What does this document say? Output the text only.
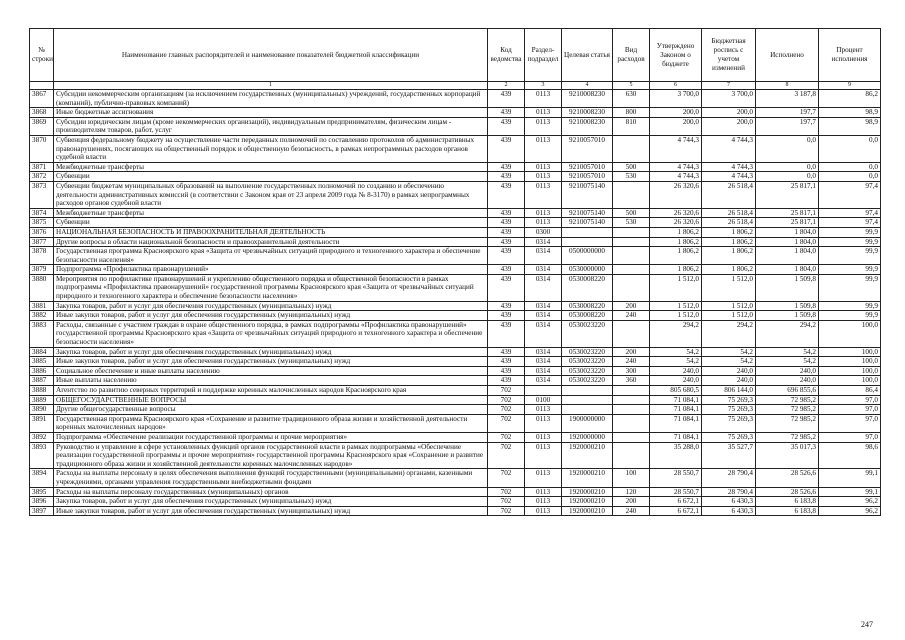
№ строки	Наименование главных распорядителей и наименование показателей бюджетной классификации	Код ведомства	Раздел-подраздел	Целевая статья	Вид расходов	Утверждено Законом о бюджете	Бюджетная роспись с учетом изменений	Исполнено	Процент исполнения
	1	2	3	4	5	6	7	8	9
3867	Субсидии некоммерческим организациям (за исключением государственных (муниципальных) учреждений, государственных корпораций (компаний), публично-правовых компаний)	439	0113	9210008230	630	3 700,0	3 700,0	3 187,8	86,2
3868	Иные бюджетные ассигнования	439	0113	9210008230	800	200,0	200,0	197,7	98,9
3869	Субсидии юридическим лицам (кроме некоммерческих организаций), индивидуальным предпринимателям, физическим лицам - производителям товаров, работ, услуг	439	0113	9210008230	810	200,0	200,0	197,7	98,9
3870	Субвенция федеральному бюджету на осуществление части переданных полномочий по составлению протоколов об административных правонарушениях, посягающих на общественный порядок и общественную безопасность, в рамках непрограммных расходов органов судебной власти	439	0113	9210057010		4 744,3	4 744,3	0,0	0,0
3871	Межбюджетные трансферты	439	0113	9210057010	500	4 744,3	4 744,3	0,0	0,0
3872	Субвенции	439	0113	9210057010	530	4 744,3	4 744,3	0,0	0,0
3873	Субвенции бюджетам муниципальных образований на выполнение государственных полномочий по созданию и обеспечению деятельности административных комиссий (в соответствии с Законом края от 23 апреля 2009 года № 8-3170) в рамках непрограммных расходов органов судебной власти	439	0113	9210075140		26 320,6	26 518,4	25 817,1	97,4
3874	Межбюджетные трансферты	439	0113	9210075140	500	26 320,6	26 518,4	25 817,1	97,4
3875	Субвенции	439	0113	9210075140	530	26 320,6	26 518,4	25 817,1	97,4
3876	НАЦИОНАЛЬНАЯ БЕЗОПАСНОСТЬ И ПРАВООХРАНИТЕЛЬНАЯ ДЕЯТЕЛЬНОСТЬ	439	0300			1 806,2	1 806,2	1 804,0	99,9
3877	Другие вопросы в области национальной безопасности и правоохранительной деятельности	439	0314			1 806,2	1 806,2	1 804,0	99,9
3878	Государственная программа Красноярского края «Защита от чрезвычайных ситуаций природного и техногенного характера и обеспечение безопасности населения»	439	0314	0500000000		1 806,2	1 806,2	1 804,0	99,9
3879	Подпрограмма «Профилактика правонарушений»	439	0314	0530000000		1 806,2	1 806,2	1 804,0	99,9
3880	Мероприятия по профилактике правонарушений и укреплению общественного порядка и общественной безопасности в рамках подпрограммы «Профилактика правонарушений» государственной программы Красноярского края «Защита от чрезвычайных ситуаций природного и техногенного характера и обеспечение безопасности населения»	439	0314	0530008220		1 512,0	1 512,0	1 509,8	99,9
3881	Закупка товаров, работ и услуг для обеспечения государственных (муниципальных) нужд	439	0314	0530008220	200	1 512,0	1 512,0	1 509,8	99,9
3882	Иные закупки товаров, работ и услуг для обеспечения государственных (муниципальных) нужд	439	0314	0530008220	240	1 512,0	1 512,0	1 509,8	99,9
3883	Расходы, связанные с участием граждан в охране общественного порядка, в рамках подпрограммы «Профилактика правонарушений» государственной программы Красноярского края «Защита от чрезвычайных ситуаций природного и техногенного характера и обеспечение безопасности населения»	439	0314	0530023220		294,2	294,2	294,2	100,0
3884	Закупка товаров, работ и услуг для обеспечения государственных (муниципальных) нужд	439	0314	0530023220	200	54,2	54,2	54,2	100,0
3885	Иные закупки товаров, работ и услуг для обеспечения государственных (муниципальных) нужд	439	0314	0530023220	240	54,2	54,2	54,2	100,0
3886	Социальное обеспечение и иные выплаты населению	439	0314	0530023220	300	240,0	240,0	240,0	100,0
3887	Иные выплаты населению	439	0314	0530023220	360	240,0	240,0	240,0	100,0
3888	Агентство по развитию северных территорий и поддержке коренных малочисленных народов Красноярского края	702				805 680,5	806 144,0	696 855,6	86,4
3889	ОБЩЕГОСУДАРСТВЕННЫЕ ВОПРОСЫ	702	0100			71 084,1	75 269,3	72 985,2	97,0
3890	Другие общегосударственные вопросы	702	0113			71 084,1	75 269,3	72 985,2	97,0
3891	Государственная программа Красноярского края «Сохранение и развитие традиционного образа жизни и хозяйственной деятельности коренных малочисленных народов»	702	0113	1900000000		71 084,1	75 269,3	72 985,2	97,0
3892	Подпрограмма «Обеспечение реализации государственной программы и прочие мероприятия»	702	0113	1920000000		71 084,1	75 269,3	72 985,2	97,0
3893	Руководство и управление в сфере установленных функций органов государственной власти в рамках подпрограммы «Обеспечение реализации государственной программы и прочие мероприятия» государственной программы Красноярского края «Сохранение и развитие традиционного образа жизни и хозяйственной деятельности коренных малочисленных народов»	702	0113	1920000210		35 288,0	35 527,7	35 017,3	98,6
3894	Расходы на выплаты персоналу в целях обеспечения выполнения функций государственными (муниципальными) органами, казенными учреждениями, органами управления государственными внебюджетными фондами	702	0113	1920000210	100	28 550,7	28 790,4	28 526,6	99,1
3895	Расходы на выплаты персоналу государственных (муниципальных) органов	702	0113	1920000210	120	28 550,7	28 790,4	28 526,6	99,1
3896	Закупка товаров, работ и услуг для обеспечения государственных (муниципальных) нужд	702	0113	1920000210	200	6 672,1	6 430,3	6 183,8	96,2
3897	Иные закупки товаров, работ и услуг для обеспечения государственных (муниципальных) нужд	702	0113	1920000210	240	6 672,1	6 430,3	6 183,8	96,2
247
